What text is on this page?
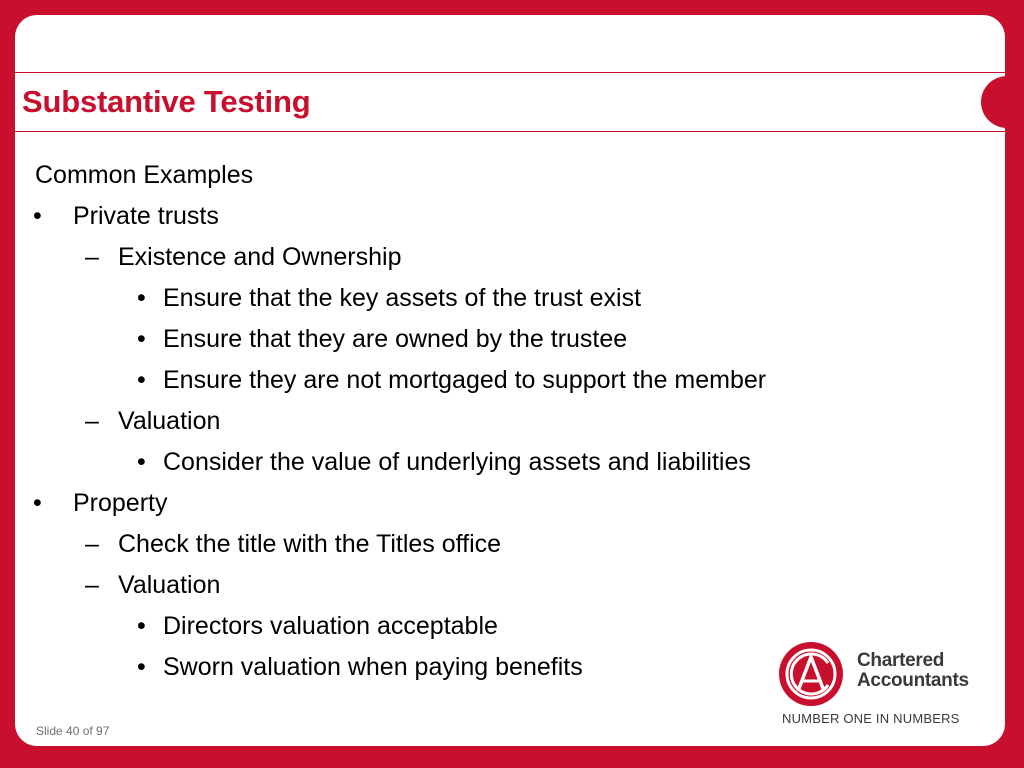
Substantive Testing
Common Examples
• Private trusts
– Existence and Ownership
• Ensure that the key assets of the trust exist
• Ensure that they are owned by the trustee
• Ensure they are not mortgaged to support the member
– Valuation
• Consider the value of underlying assets and liabilities
• Property
– Check the title with the Titles office
– Valuation
• Directors valuation acceptable
• Sworn valuation when paying benefits
Slide 40 of 97
Chartered
Accountants
NUMBER ONE IN NUMBERS
